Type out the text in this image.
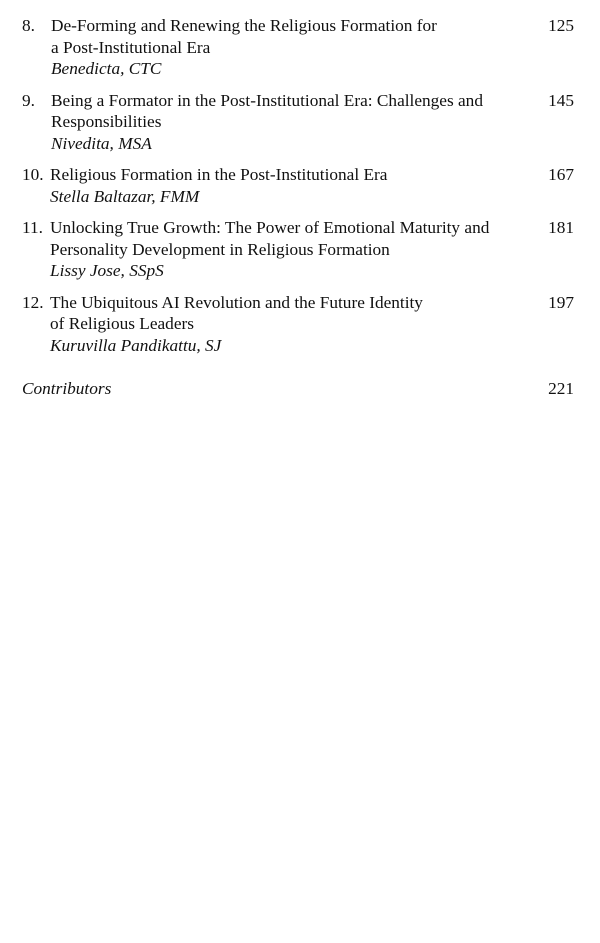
8. De-Forming and Renewing the Religious Formation for
a Post-Institutional Era
Benedicta, CTC
125
9. Being a Formator in the Post-Institutional Era: Challenges and
Responsibilities
Nivedita, MSA
145
10. Religious Formation in the Post-Institutional Era
Stella Baltazar, FMM
167
11. Unlocking True Growth: The Power of Emotional Maturity and
Personality Development in Religious Formation
Lissy Jose, SSpS
181
12. The Ubiquitous AI Revolution and the Future Identity
of Religious Leaders
Kuruvilla Pandikattu, SJ
197
Contributors	221
